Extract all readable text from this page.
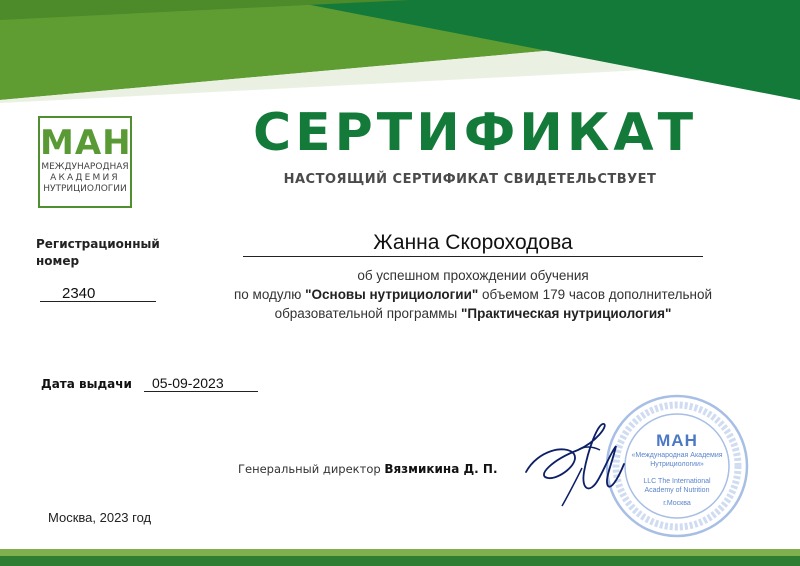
МАН
МЕЖДУНАРОДНАЯ
АКАДЕМИЯ
НУТРИЦИОЛОГИИ
СЕРТИФИКАТ
НАСТОЯЩИЙ СЕРТИФИКАТ СВИДЕТЕЛЬСТВУЕТ
Жанна Скороходова
об успешном прохождении обучения
по модулю "Основы нутрициологии" объемом 179 часов дополнительной
образовательной программы "Практическая нутрициология"
Регистрационный номер
2340
Дата выдачи	05-09-2023
Генеральный директор Вязмикина Д. П.
Москва, 2023 год
МАН
«Международная Академия
Нутрициологии»
LLC The International
Academy of Nutrition
г.Москва
